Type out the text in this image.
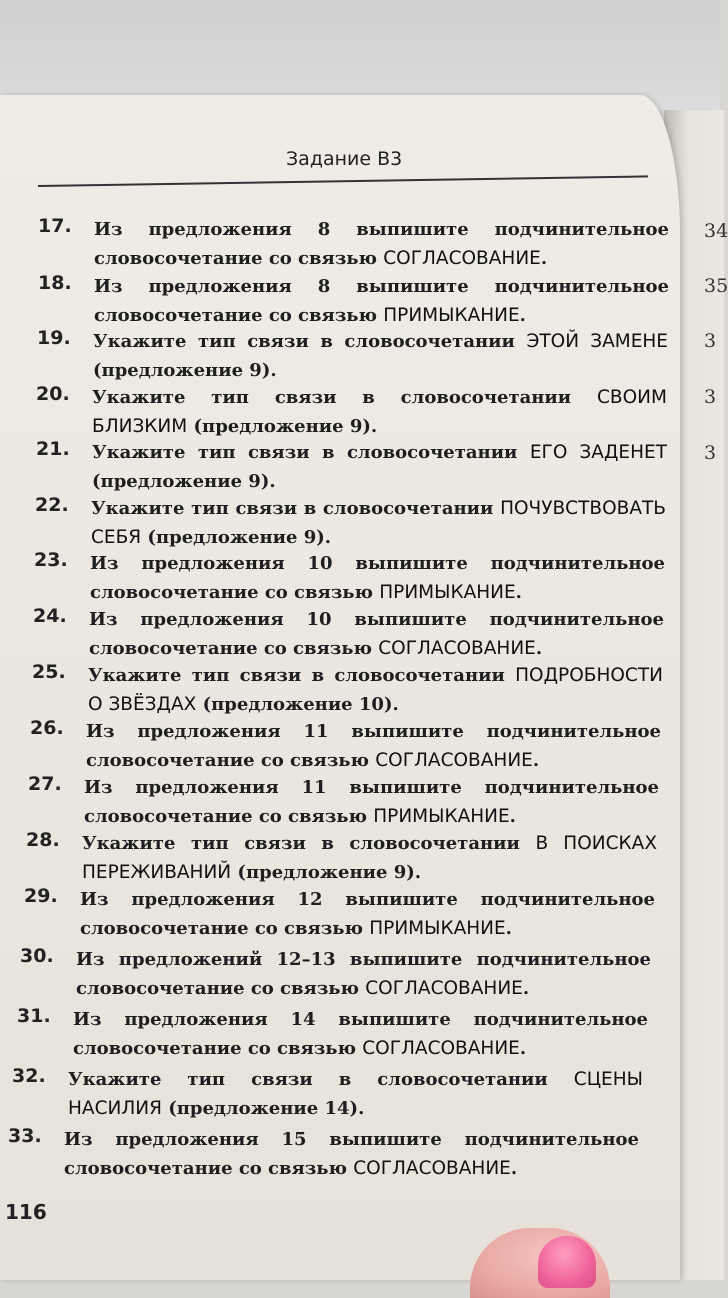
34
35
3
3
3
Задание В3
17. Из предложения 8 выпишите подчинительное словосочетание со связью СОГЛАСОВАНИЕ.
18. Из предложения 8 выпишите подчинительное словосочетание со связью ПРИМЫКАНИЕ.
19. Укажите тип связи в словосочетании ЭТОЙ ЗАМЕНЕ (предложение 9).
20. Укажите тип связи в словосочетании СВОИМ БЛИЗКИМ (предложение 9).
21. Укажите тип связи в словосочетании ЕГО ЗАДЕНЕТ (предложение 9).
22. Укажите тип связи в словосочетании ПОЧУВСТВОВАТЬ СЕБЯ (предложение 9).
23. Из предложения 10 выпишите подчинительное словосочетание со связью ПРИМЫКАНИЕ.
24. Из предложения 10 выпишите подчинительное словосочетание со связью СОГЛАСОВАНИЕ.
25. Укажите тип связи в словосочетании ПОДРОБНОСТИ О ЗВЁЗДАХ (предложение 10).
26. Из предложения 11 выпишите подчинительное словосочетание со связью СОГЛАСОВАНИЕ.
27. Из предложения 11 выпишите подчинительное словосочетание со связью ПРИМЫКАНИЕ.
28. Укажите тип связи в словосочетании В ПОИСКАХ ПЕРЕЖИВАНИЙ (предложение 9).
29. Из предложения 12 выпишите подчинительное словосочетание со связью ПРИМЫКАНИЕ.
30. Из предложений 12–13 выпишите подчинительное словосочетание со связью СОГЛАСОВАНИЕ.
31. Из предложения 14 выпишите подчинительное словосочетание со связью СОГЛАСОВАНИЕ.
32. Укажите тип связи в словосочетании СЦЕНЫ НАСИЛИЯ (предложение 14).
33. Из предложения 15 выпишите подчинительное словосочетание со связью СОГЛАСОВАНИЕ.
116
